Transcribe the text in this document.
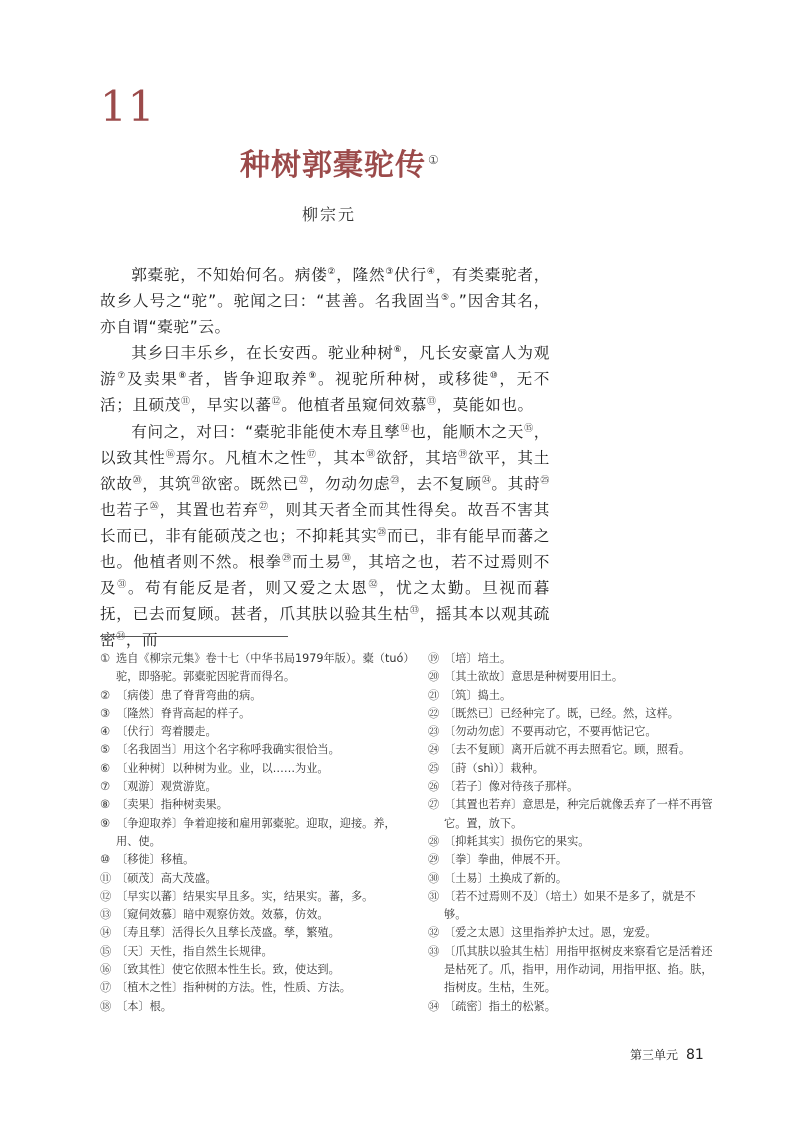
11
种树郭橐驼传 ①
柳宗元

郭橐驼，不知始何名。病偻②，隆然③伏行④，有类橐驼者，故乡人号之“驼”。驼闻之曰：“甚善。名我固当⑤。”因舍其名，亦自谓“橐驼”云。

其乡曰丰乐乡，在长安西。驼业种树⑥，凡长安豪富人为观游⑦及卖果⑧者，皆争迎取养⑨。视驼所种树，或移徙⑩，无不活；且硕茂⑪，早实以蕃⑫。他植者虽窥伺效慕⑬，莫能如也。

有问之，对曰：“橐驼非能使木寿且孳⑭也，能顺木之天⑮，以致其性⑯焉尔。凡植木之性⑰，其本⑱欲舒，其培⑲欲平，其土欲故⑳，其筑$^㉑$欲密。既然已$^㉒$，勿动勿虑$^㉓$，去不复顾$^㉔$。其莳$^㉕$也若子$^㉖$，其置也若弃$^㉗$，则其天者全而其性得矣。故吾不害其长而已，非有能硕茂之也；不抑耗其实$^㉘$而已，非有能早而蕃之也。他植者则不然。根拳$^㉙$而土易$^㉚$，其培之也，若不过焉则不及$^㉛$。苟有能反是者，则又爱之太恩$^㉜$，忧之太勤。旦视而暮抚，已去而复顾。甚者，爪其肤以验其生枯$^㉝$，摇其本以观其疏密$^㉞$，而

① 选自《柳宗元集》卷十七（中华书局1979年版）。橐（tuó）驼，即骆驼。郭橐驼因驼背而得名。
② 〔病偻〕患了脊背弯曲的病。
③ 〔隆然〕脊背高起的样子。
④ 〔伏行〕弯着腰走。
⑤ 〔名我固当〕用这个名字称呼我确实很恰当。
⑥ 〔业种树〕以种树为业。业，以……为业。
⑦ 〔观游〕观赏游览。
⑧ 〔卖果〕指种树卖果。
⑨ 〔争迎取养〕争着迎接和雇用郭橐驼。迎取，迎接。养，用、使。
⑩ 〔移徙〕移植。
⑪ 〔硕茂〕高大茂盛。
⑫ 〔早实以蕃〕结果实早且多。实，结果实。蕃，多。
⑬ 〔窥伺效慕〕暗中观察仿效。效慕，仿效。
⑭ 〔寿且孳〕活得长久且孳长茂盛。孳，繁殖。
⑮ 〔天〕天性，指自然生长规律。
⑯ 〔致其性〕使它依照本性生长。致，使达到。
⑰ 〔植木之性〕指种树的方法。性，性质、方法。
⑱ 〔本〕根。
⑲ 〔培〕培土。
⑳ 〔其土欲故〕意思是种树要用旧土。
㉑ 〔筑〕捣土。
㉒ 〔既然已〕已经种完了。既，已经。然，这样。
㉓ 〔勿动勿虑〕不要再动它，不要再惦记它。
㉔ 〔去不复顾〕离开后就不再去照看它。顾，照看。
㉕ 〔莳（shì）〕栽种。
㉖ 〔若子〕像对待孩子那样。
㉗ 〔其置也若弃〕意思是，种完后就像丢弃了一样不再管它。置，放下。
㉘ 〔抑耗其实〕损伤它的果实。
㉙ 〔拳〕拳曲，伸展不开。
㉚ 〔土易〕土换成了新的。
㉛ 〔若不过焉则不及〕（培土）如果不是多了，就是不够。
㉜ 〔爱之太恩〕这里指养护太过。恩，宠爱。
㉝ 〔爪其肤以验其生枯〕用指甲抠树皮来察看它是活着还是枯死了。爪，指甲，用作动词，用指甲抠、掐。肤，指树皮。生枯，生死。
㉞ 〔疏密〕指土的松紧。
第三单元 81
